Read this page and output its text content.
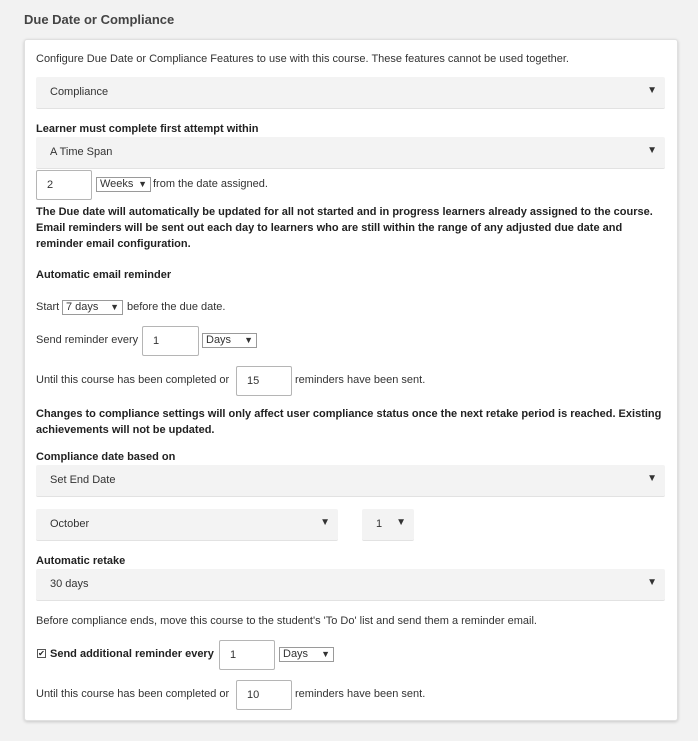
Due Date or Compliance
Configure Due Date or Compliance Features to use with this course. These features cannot be used together.
Compliance	▼
Learner must complete first attempt within
A Time Span	▼
2	Weeks ▼ from the date assigned.
The Due date will automatically be updated for all not started and in progress learners already assigned to the course. Email reminders will be sent out each day to learners who are still within the range of any adjusted due date and reminder email configuration.
Automatic email reminder
Start 7 days ▼ before the due date.
Send reminder every	1	Days ▼
Until this course has been completed or	15	reminders have been sent.
Changes to compliance settings will only affect user compliance status once the next retake period is reached. Existing achievements will not be updated.
Compliance date based on
Set End Date	▼
October	▼	1 ▼
Automatic retake
30 days	▼
Before compliance ends, move this course to the student's 'To Do' list and send them a reminder email.
✔ Send additional reminder every	1	Days ▼
Until this course has been completed or	10	reminders have been sent.
